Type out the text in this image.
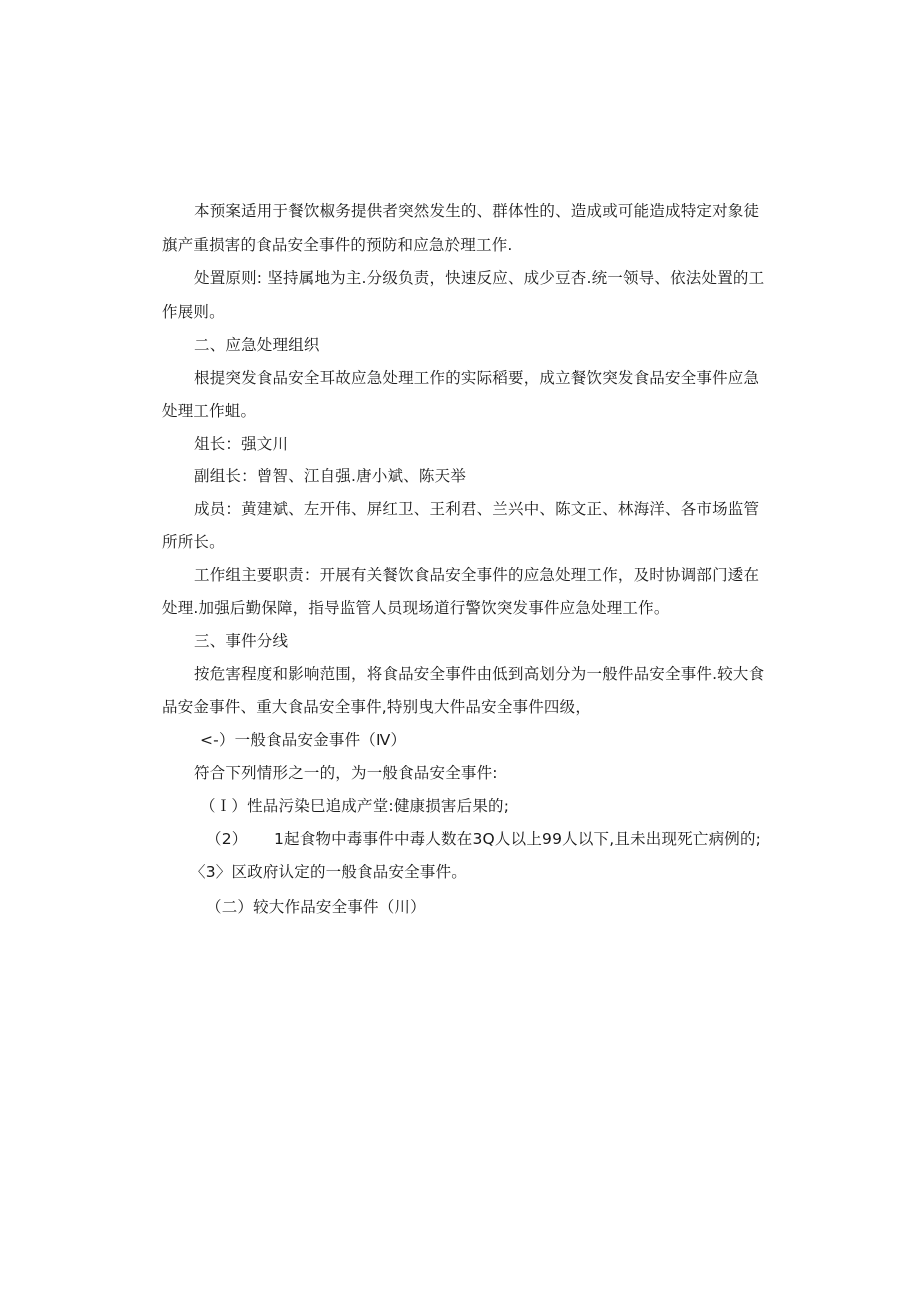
本预案适用于餐饮椒务提供者突然发生的、群体性的、造成或可能造成特定对象徒
旗产重损害的食品安全事件的预防和应急於理工作.
处置原则: 坚持属地为主.分级负责，快速反应、成少豆杏.统一领导、依法处置的工
作展则。
二、应急处理组织
根提突发食品安全耳故应急处理工作的实际稻要，成立餐饮突发食品安全事件应急
处理工作蛆。
俎长：强文川
副组长：曾智、江自强.唐小斌、陈天举
成员：黄建斌、左开伟、屏红卫、王利君、兰兴中、陈文正、林海洋、各市场监管
所所长。
工作组主要职责：开展有关餐饮食品安全事件的应急处理工作，及时协调部门逶在
处理.加强后勤保障，指导监管人员现场道行警饮突发事件应急处理工作。
三、事件分线
按危害程度和影响范围，将食品安全事件由低到高划分为一般件品安全事件.较大食
品安金事件、重大食品安全事件,特别曳大件品安全事件四级，
<-）一般食品安金事件（Ⅳ）
符合下列情形之一的，为一般食品安全事件:
（Ｉ）性品污染巳追成产堂:健康损害后果的;
（2） 1起食物中毒事件中毒人数在3Q人以上99人以下,且未出现死亡病例的;
〈3〉区政府认定的一般食品安全事件。
（二）较大作品安全事件（川）
